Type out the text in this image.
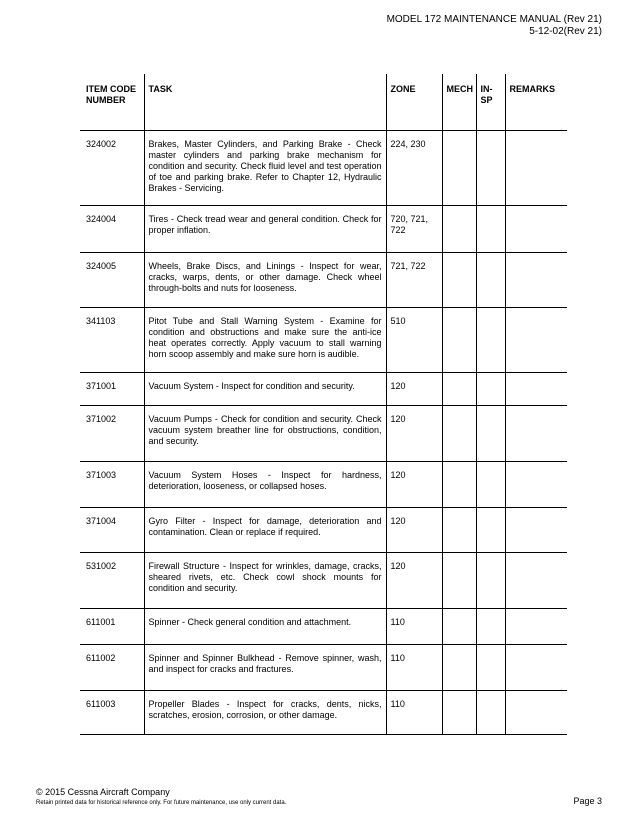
MODEL 172 MAINTENANCE MANUAL (Rev 21)
5-12-02(Rev 21)
ITEM CODE NUMBER	TASK	ZONE	MECH	IN-SP	REMARKS
324002	Brakes, Master Cylinders, and Parking Brake - Check master cylinders and parking brake mechanism for condition and security. Check fluid level and test operation of toe and parking brake. Refer to Chapter 12, Hydraulic Brakes - Servicing.	224, 230			
324004	Tires - Check tread wear and general condition. Check for proper inflation.	720, 721, 722			
324005	Wheels, Brake Discs, and Linings - Inspect for wear, cracks, warps, dents, or other damage. Check wheel through-bolts and nuts for looseness.	721, 722			
341103	Pitot Tube and Stall Warning System - Examine for condition and obstructions and make sure the anti-ice heat operates correctly. Apply vacuum to stall warning horn scoop assembly and make sure horn is audible.	510			
371001	Vacuum System - Inspect for condition and security.	120			
371002	Vacuum Pumps - Check for condition and security. Check vacuum system breather line for obstructions, condition, and security.	120			
371003	Vacuum System Hoses - Inspect for hardness, deterioration, looseness, or collapsed hoses.	120			
371004	Gyro Filter - Inspect for damage, deterioration and contamination. Clean or replace if required.	120			
531002	Firewall Structure - Inspect for wrinkles, damage, cracks, sheared rivets, etc. Check cowl shock mounts for condition and security.	120			
611001	Spinner - Check general condition and attachment.	110			
611002	Spinner and Spinner Bulkhead - Remove spinner, wash, and inspect for cracks and fractures.	110			
611003	Propeller Blades - Inspect for cracks, dents, nicks, scratches, erosion, corrosion, or other damage.	110			
© 2015 Cessna Aircraft Company
Retain printed data for historical reference only. For future maintenance, use only current data.	Page 3
